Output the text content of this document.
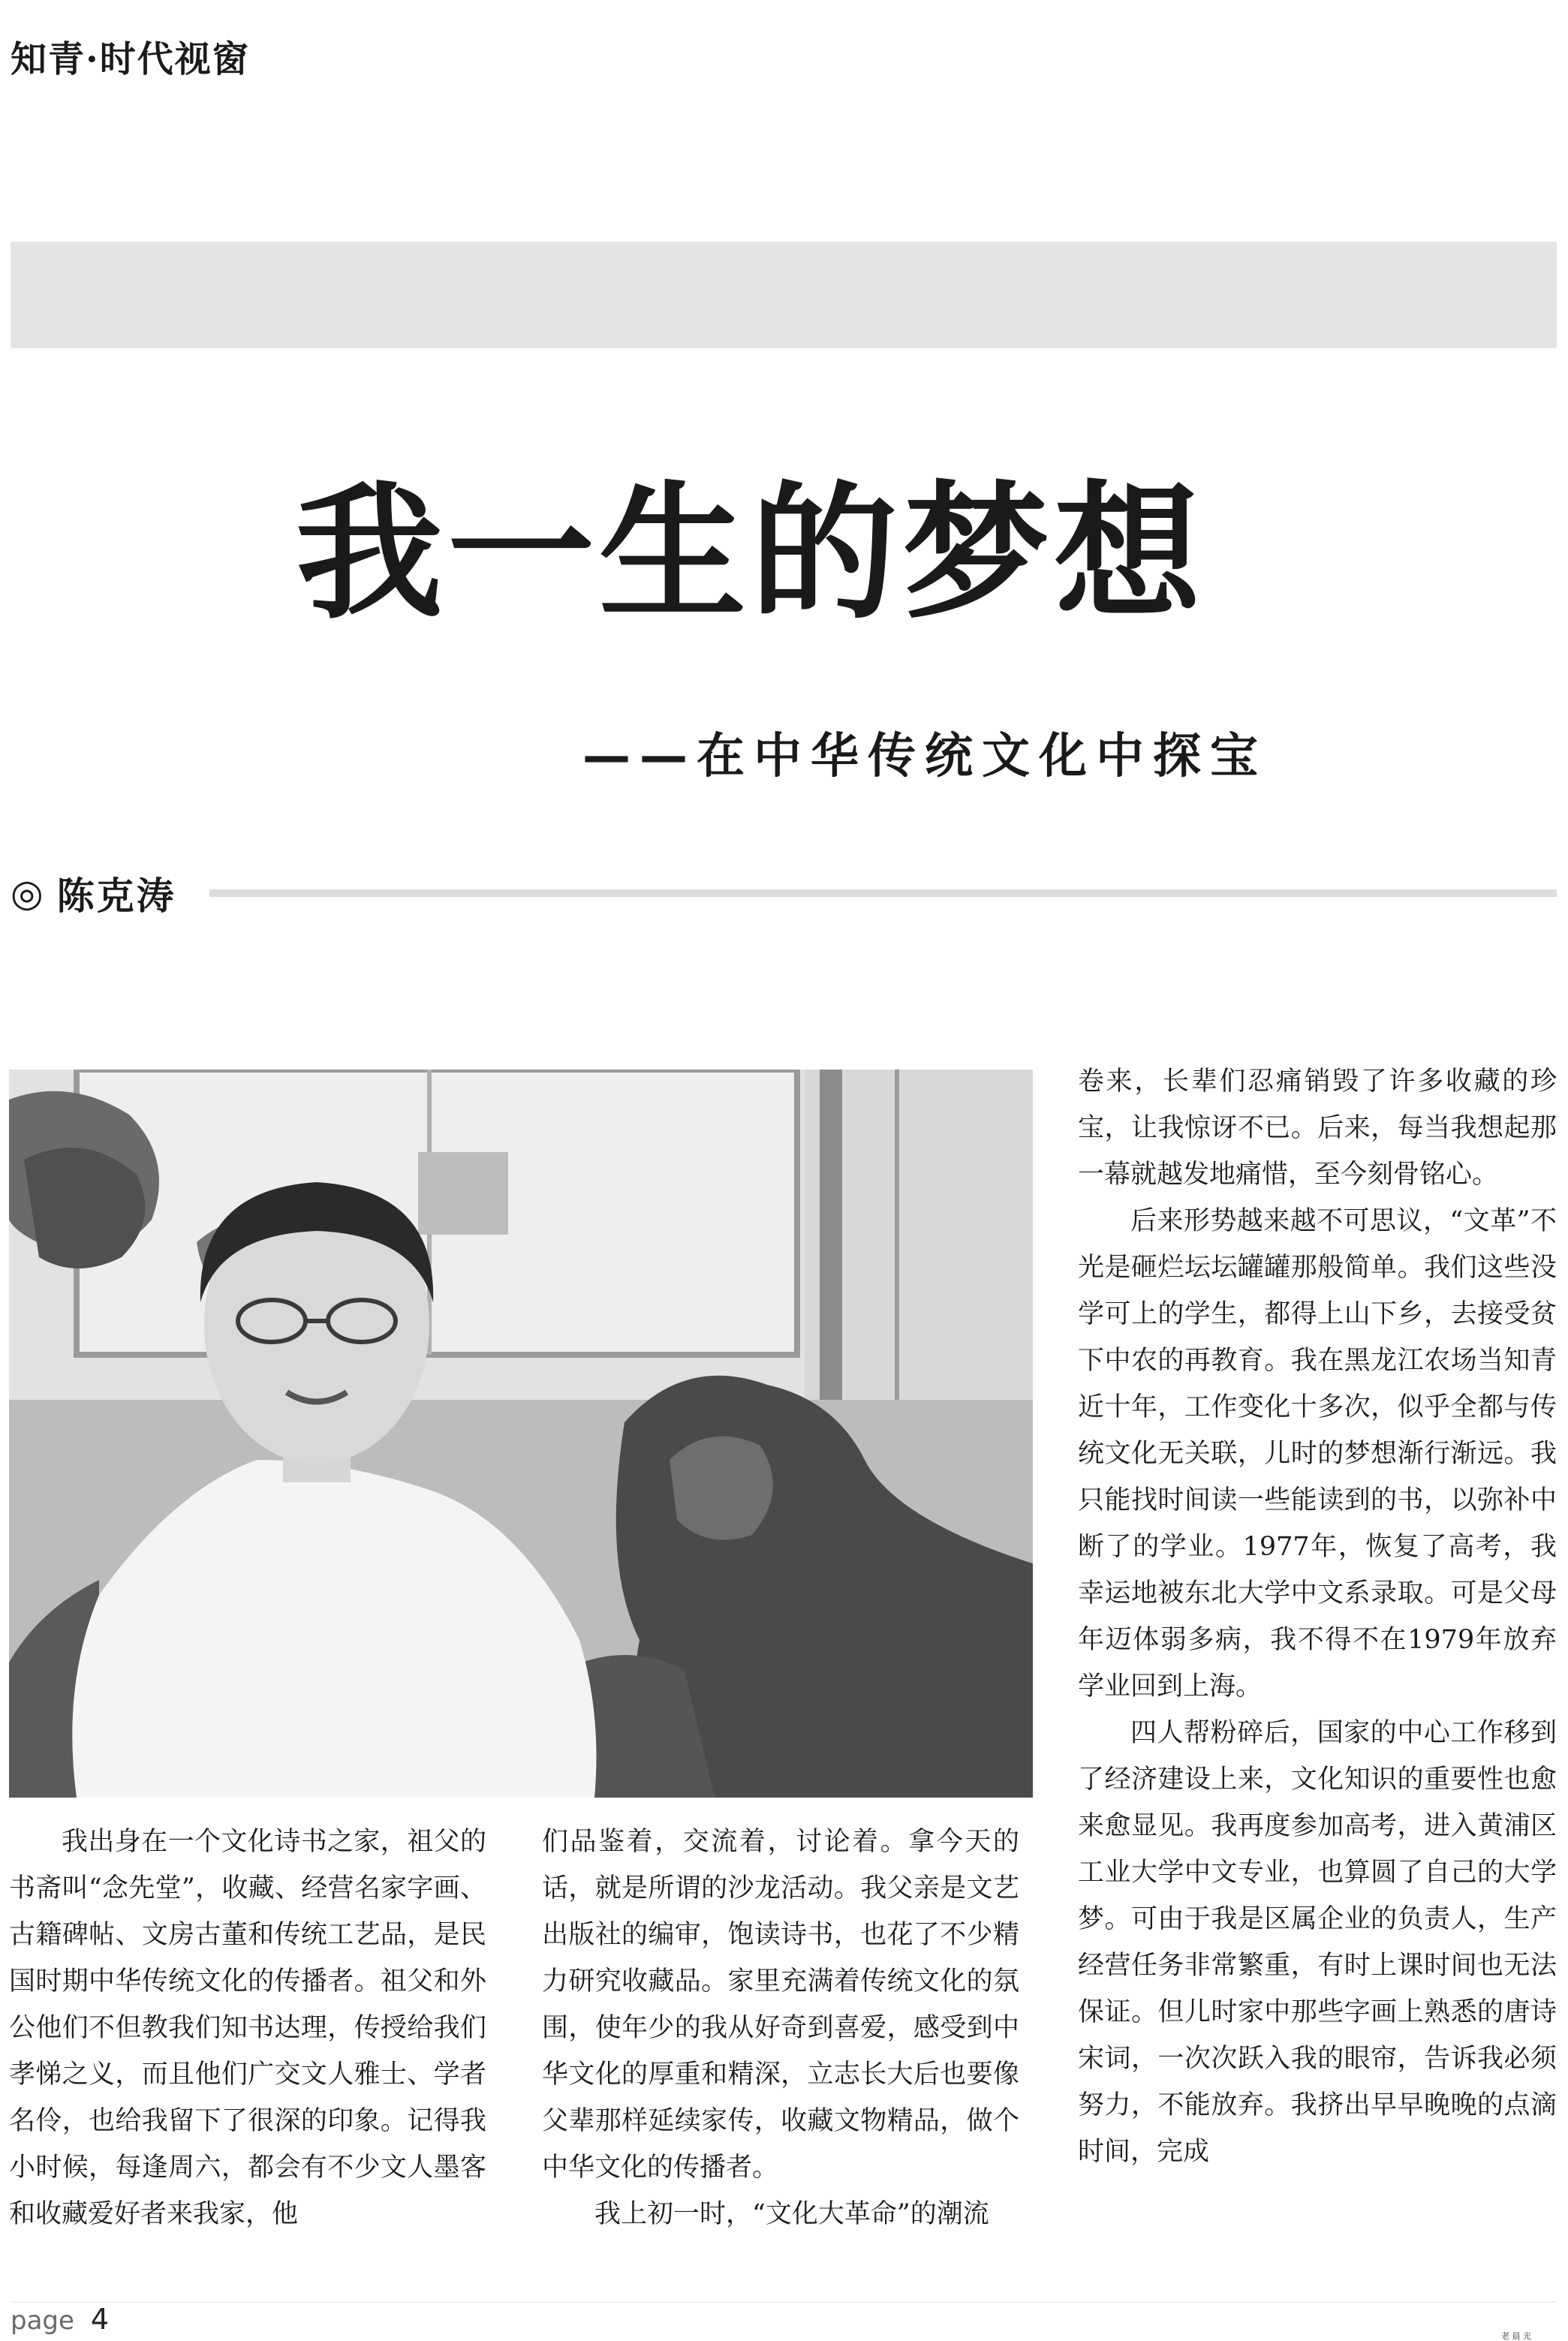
知青·时代视窗
我一生的梦想
——在中华传统文化中探宝
◎ 陈克涛

我出身在一个文化诗书之家，祖父的书斋叫“念先堂”，收藏、经营名家字画、古籍碑帖、文房古董和传统工艺品，是民国时期中华传统文化的传播者。祖父和外公他们不但教我们知书达理，传授给我们孝悌之义，而且他们广交文人雅士、学者名伶，也给我留下了很深的印象。记得我小时候，每逢周六，都会有不少文人墨客和收藏爱好者来我家，他

们品鉴着，交流着，讨论着。拿今天的话，就是所谓的沙龙活动。我父亲是文艺出版社的编审，饱读诗书，也花了不少精力研究收藏品。家里充满着传统文化的氛围，使年少的我从好奇到喜爱，感受到中华文化的厚重和精深，立志长大后也要像父辈那样延续家传，收藏文物精品，做个中华文化的传播者。

我上初一时，“文化大革命”的潮流

卷来，长辈们忍痛销毁了许多收藏的珍宝，让我惊讶不已。后来，每当我想起那一幕就越发地痛惜，至今刻骨铭心。

后来形势越来越不可思议，“文革”不光是砸烂坛坛罐罐那般简单。我们这些没学可上的学生，都得上山下乡，去接受贫下中农的再教育。我在黑龙江农场当知青近十年，工作变化十多次，似乎全都与传统文化无关联，儿时的梦想渐行渐远。我只能找时间读一些能读到的书，以弥补中断了的学业。1977年，恢复了高考，我幸运地被东北大学中文系录取。可是父母年迈体弱多病，我不得不在1979年放弃学业回到上海。

四人帮粉碎后，国家的中心工作移到了经济建设上来，文化知识的重要性也愈来愈显见。我再度参加高考，进入黄浦区工业大学中文专业，也算圆了自己的大学梦。可由于我是区属企业的负责人，生产经营任务非常繁重，有时上课时间也无法保证。但儿时家中那些字画上熟悉的唐诗宋词，一次次跃入我的眼帘，告诉我必须努力，不能放弃。我挤出早早晚晚的点滴时间，完成

page 4
老 晨 光
